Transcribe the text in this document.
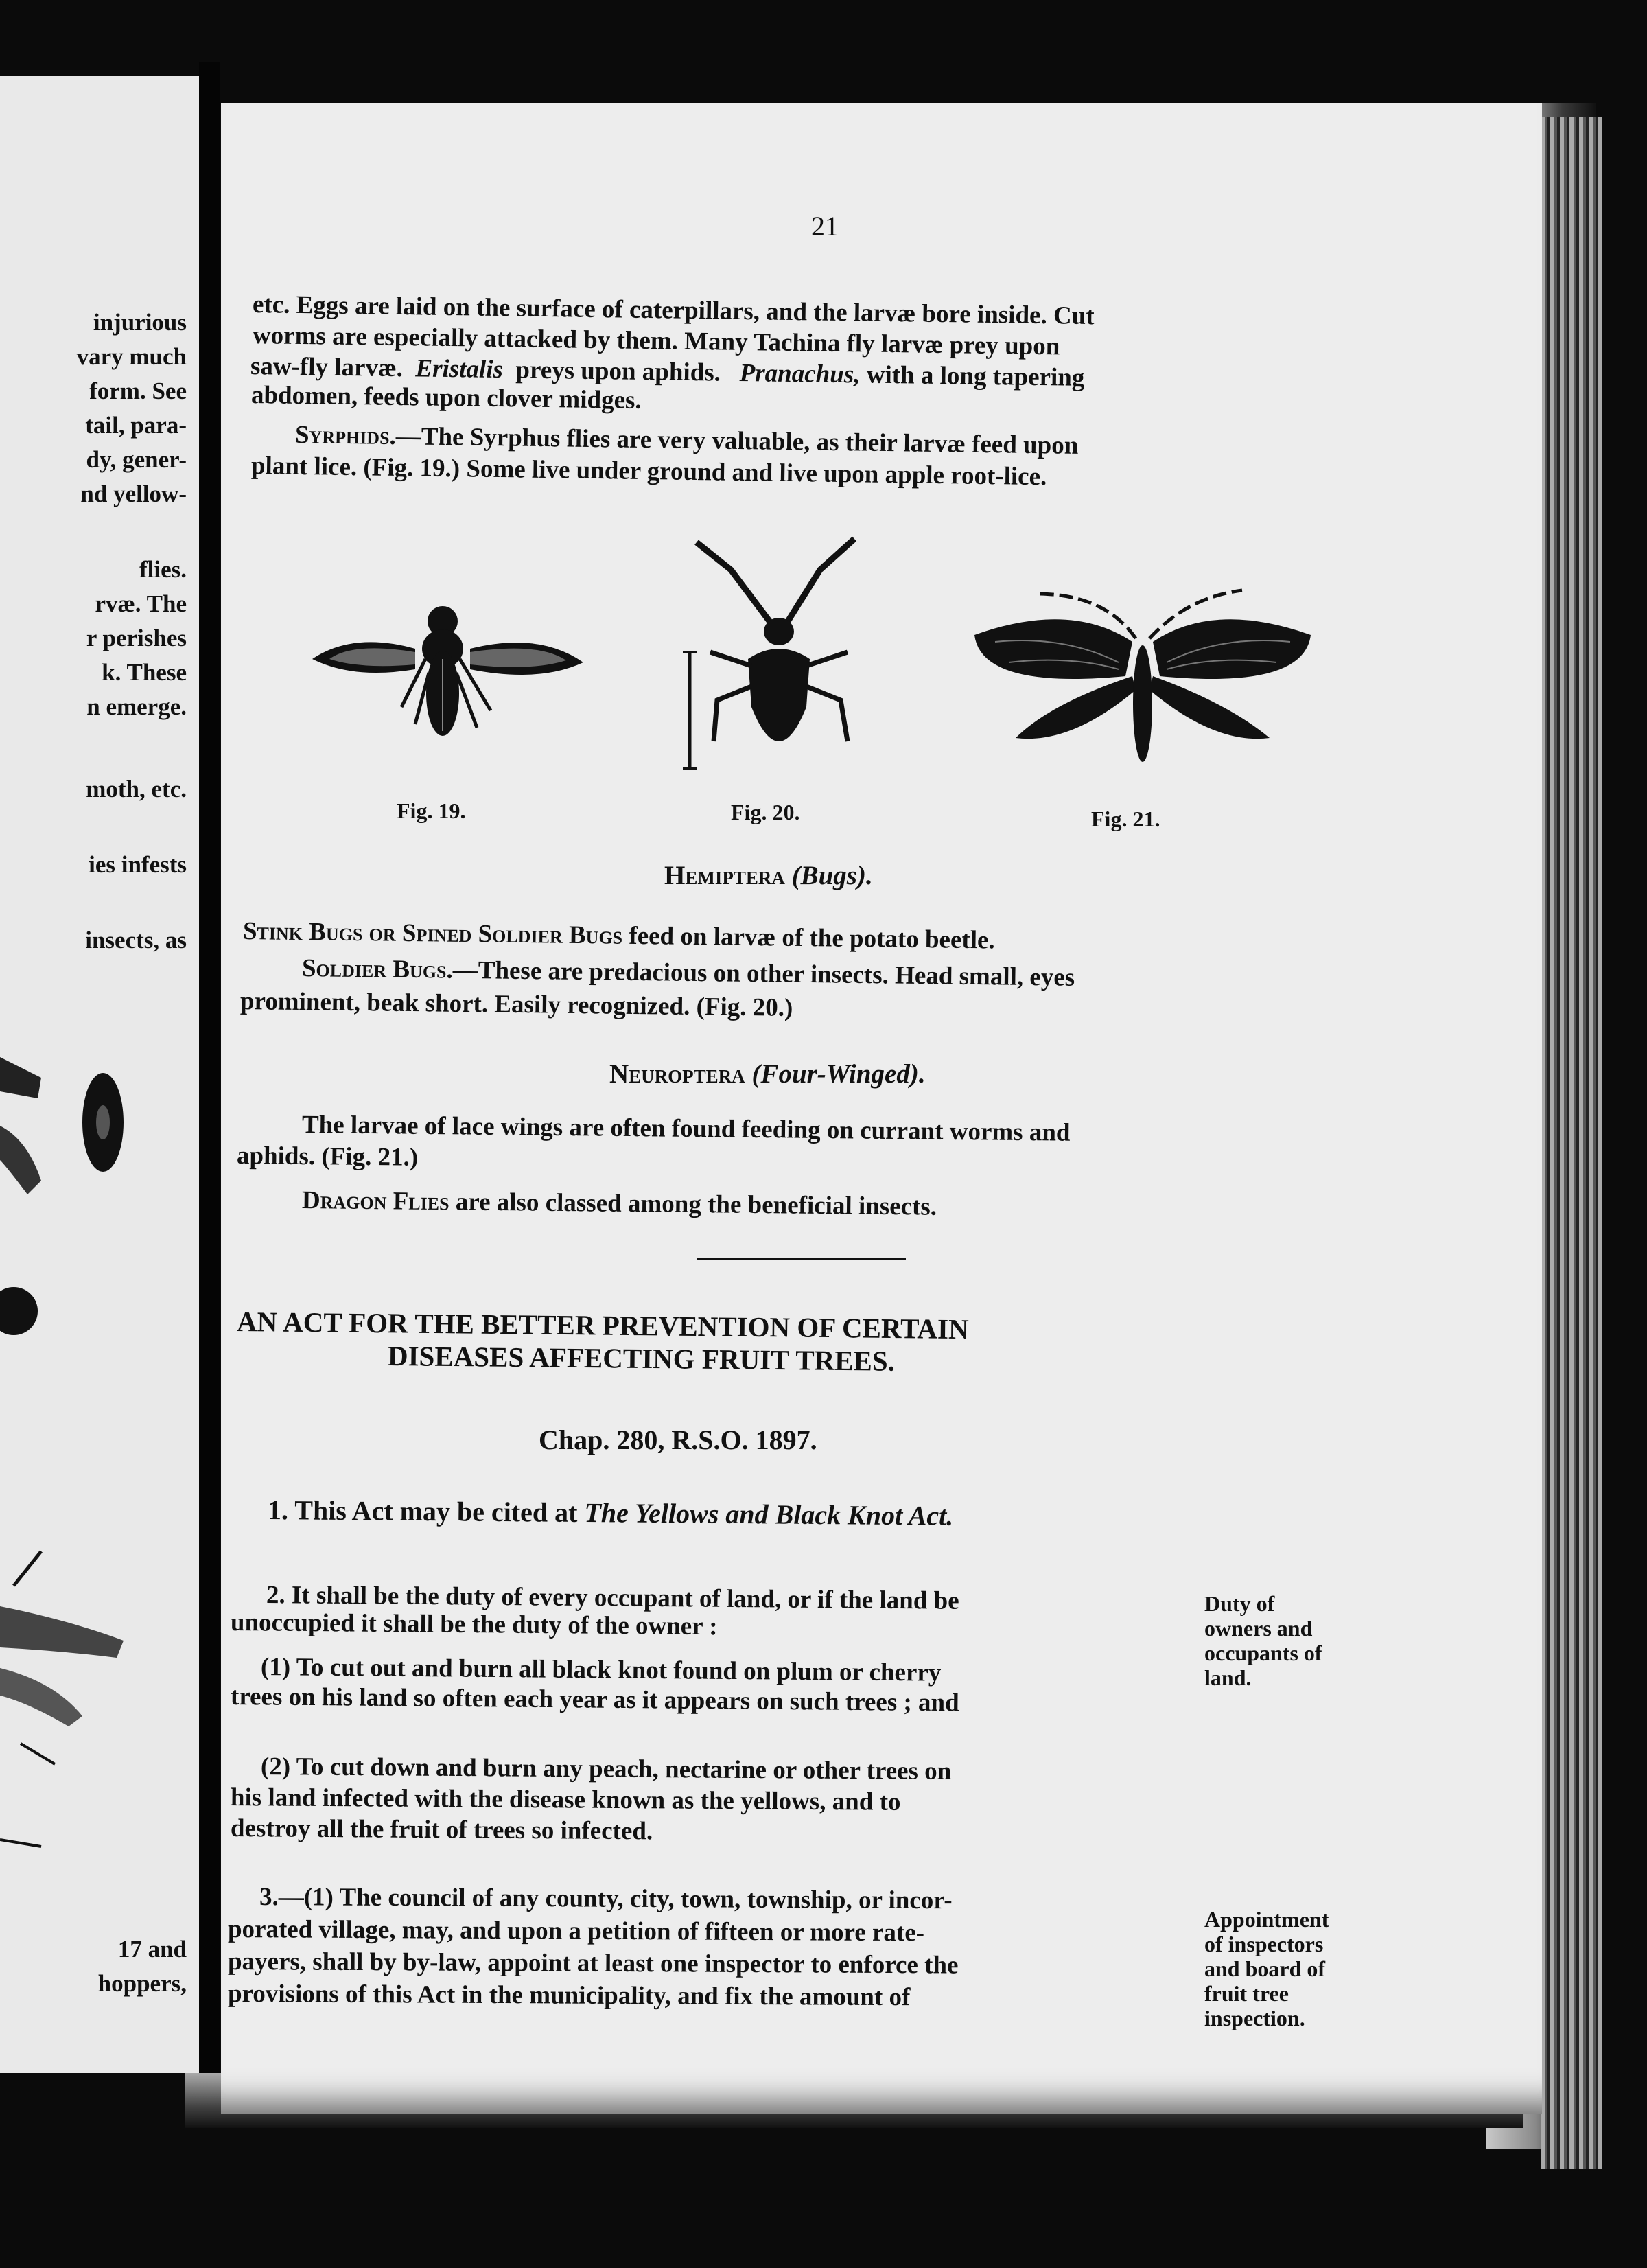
injurious
vary much
form. See
tail, para-
dy, gener-
nd yellow-
flies.
rvæ. The
r perishes
k. These
n emerge.
moth, etc.
ies infests
insects, as
17 and
hoppers,
21
etc. Eggs are laid on the surface of caterpillars, and the larvæ bore inside. Cut
worms are especially attacked by them. Many Tachina fly larvæ prey upon
saw-fly larvæ. Eristalis preys upon aphids. Pranachus, with a long tapering
abdomen, feeds upon clover midges.
Syrphids.—The Syrphus flies are very valuable, as their larvæ feed upon
plant lice. (Fig. 19.) Some live under ground and live upon apple root-lice.
Fig. 19.	Fig. 20.	Fig. 21.
Hemiptera (Bugs).
Stink Bugs or Spined Soldier Bugs feed on larvæ of the potato beetle.
Soldier Bugs.—These are predacious on other insects. Head small, eyes
prominent, beak short. Easily recognized. (Fig. 20.)
Neuroptera (Four-Winged).
The larvae of lace wings are often found feeding on currant worms and
aphids. (Fig. 21.)
Dragon Flies are also classed among the beneficial insects.
AN ACT FOR THE BETTER PREVENTION OF CERTAIN
DISEASES AFFECTING FRUIT TREES.
Chap. 280, R.S.O. 1897.
1. This Act may be cited at The Yellows and Black Knot Act.
2. It shall be the duty of every occupant of land, or if the land be
unoccupied it shall be the duty of the owner :
(1) To cut out and burn all black knot found on plum or cherry
trees on his land so often each year as it appears on such trees ; and
(2) To cut down and burn any peach, nectarine or other trees on
his land infected with the disease known as the yellows, and to
destroy all the fruit of trees so infected.
3.—(1) The council of any county, city, town, township, or incor-
porated village, may, and upon a petition of fifteen or more rate-
payers, shall by by-law, appoint at least one inspector to enforce the
provisions of this Act in the municipality, and fix the amount of
Duty of
owners and
occupants of
land.
Appointment
of inspectors
and board of
fruit tree
inspection.
